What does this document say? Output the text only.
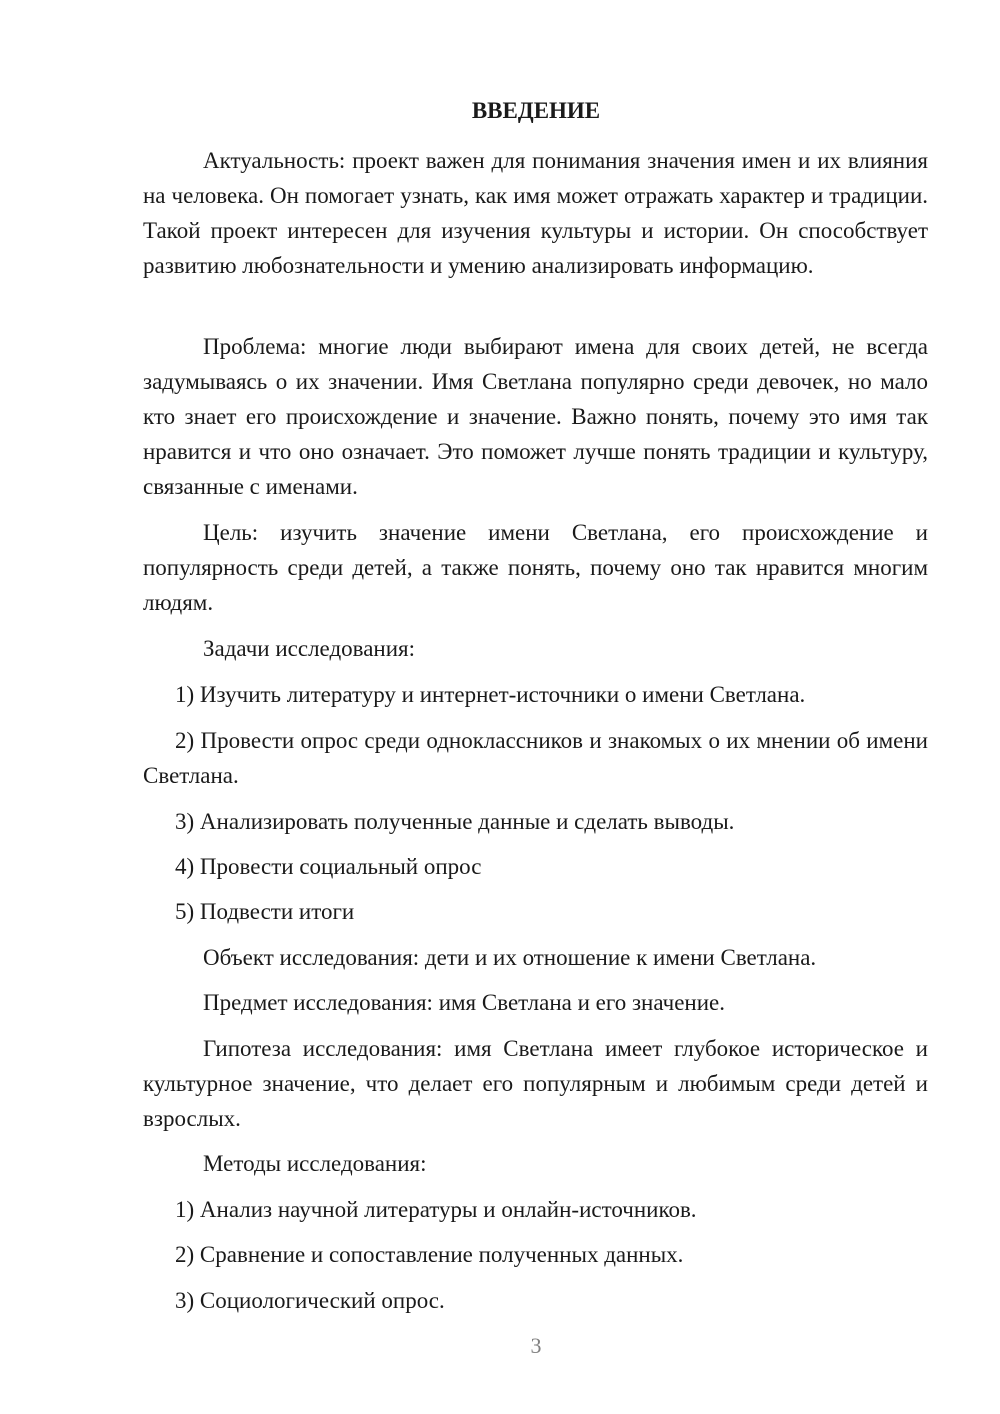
ВВЕДЕНИЕ

Актуальность: проект важен для понимания значения имен и их влияния на человека. Он помогает узнать, как имя может отражать характер и традиции. Такой проект интересен для изучения культуры и истории. Он способствует развитию любознательности и умению анализировать информацию.

Проблема: многие люди выбирают имена для своих детей, не всегда задумываясь о их значении. Имя Светлана популярно среди девочек, но мало кто знает его происхождение и значение. Важно понять, почему это имя так нравится и что оно означает. Это поможет лучше понять традиции и культуру, связанные с именами.

Цель: изучить значение имени Светлана, его происхождение и популярность среди детей, а также понять, почему оно так нравится многим людям.

Задачи исследования:

1) Изучить литературу и интернет-источники о имени Светлана.

2) Провести опрос среди одноклассников и знакомых о их мнении об имени Светлана.

3) Анализировать полученные данные и сделать выводы.

4) Провести социальный опрос

5) Подвести итоги

Объект исследования: дети и их отношение к имени Светлана.

Предмет исследования: имя Светлана и его значение.

Гипотеза исследования: имя Светлана имеет глубокое историческое и культурное значение, что делает его популярным и любимым среди детей и взрослых.

Методы исследования:

1) Анализ научной литературы и онлайн-источников.

2) Сравнение и сопоставление полученных данных.

3) Социологический опрос.

3
